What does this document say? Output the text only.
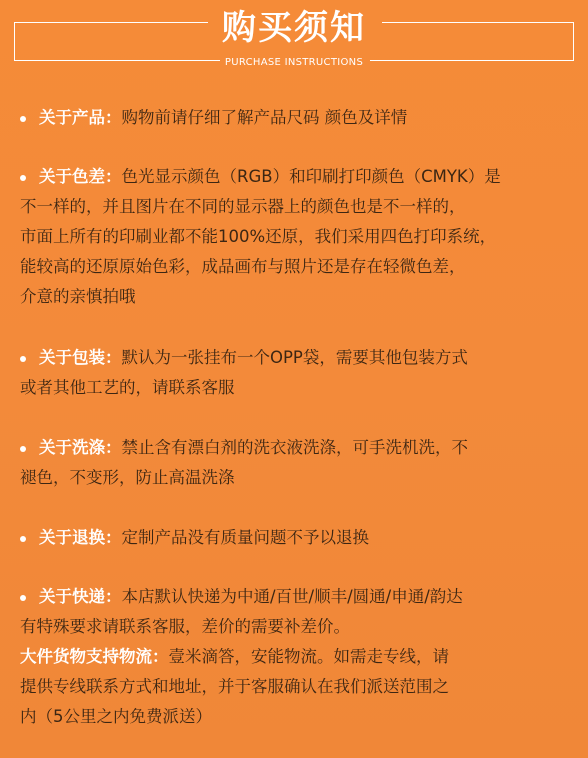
购买须知
PURCHASE INSTRUCTIONS
关于产品：购物前请仔细了解产品尺码 颜色及详情
关于色差：色光显示颜色（RGB）和印刷打印颜色（CMYK）是
不一样的，并且图片在不同的显示器上的颜色也是不一样的，
市面上所有的印刷业都不能100%还原，我们采用四色打印系统，
能较高的还原原始色彩，成品画布与照片还是存在轻微色差，
介意的亲慎拍哦
关于包装：默认为一张挂布一个OPP袋，需要其他包装方式
或者其他工艺的，请联系客服
关于洗涤：禁止含有漂白剂的洗衣液洗涤，可手洗机洗，不
褪色，不变形，防止高温洗涤
关于退换：定制产品没有质量问题不予以退换
关于快递：本店默认快递为中通/百世/顺丰/圆通/申通/韵达
有特殊要求请联系客服，差价的需要补差价。
大件货物支持物流：壹米滴答，安能物流。如需走专线，请
提供专线联系方式和地址，并于客服确认在我们派送范围之
内（5公里之内免费派送）
